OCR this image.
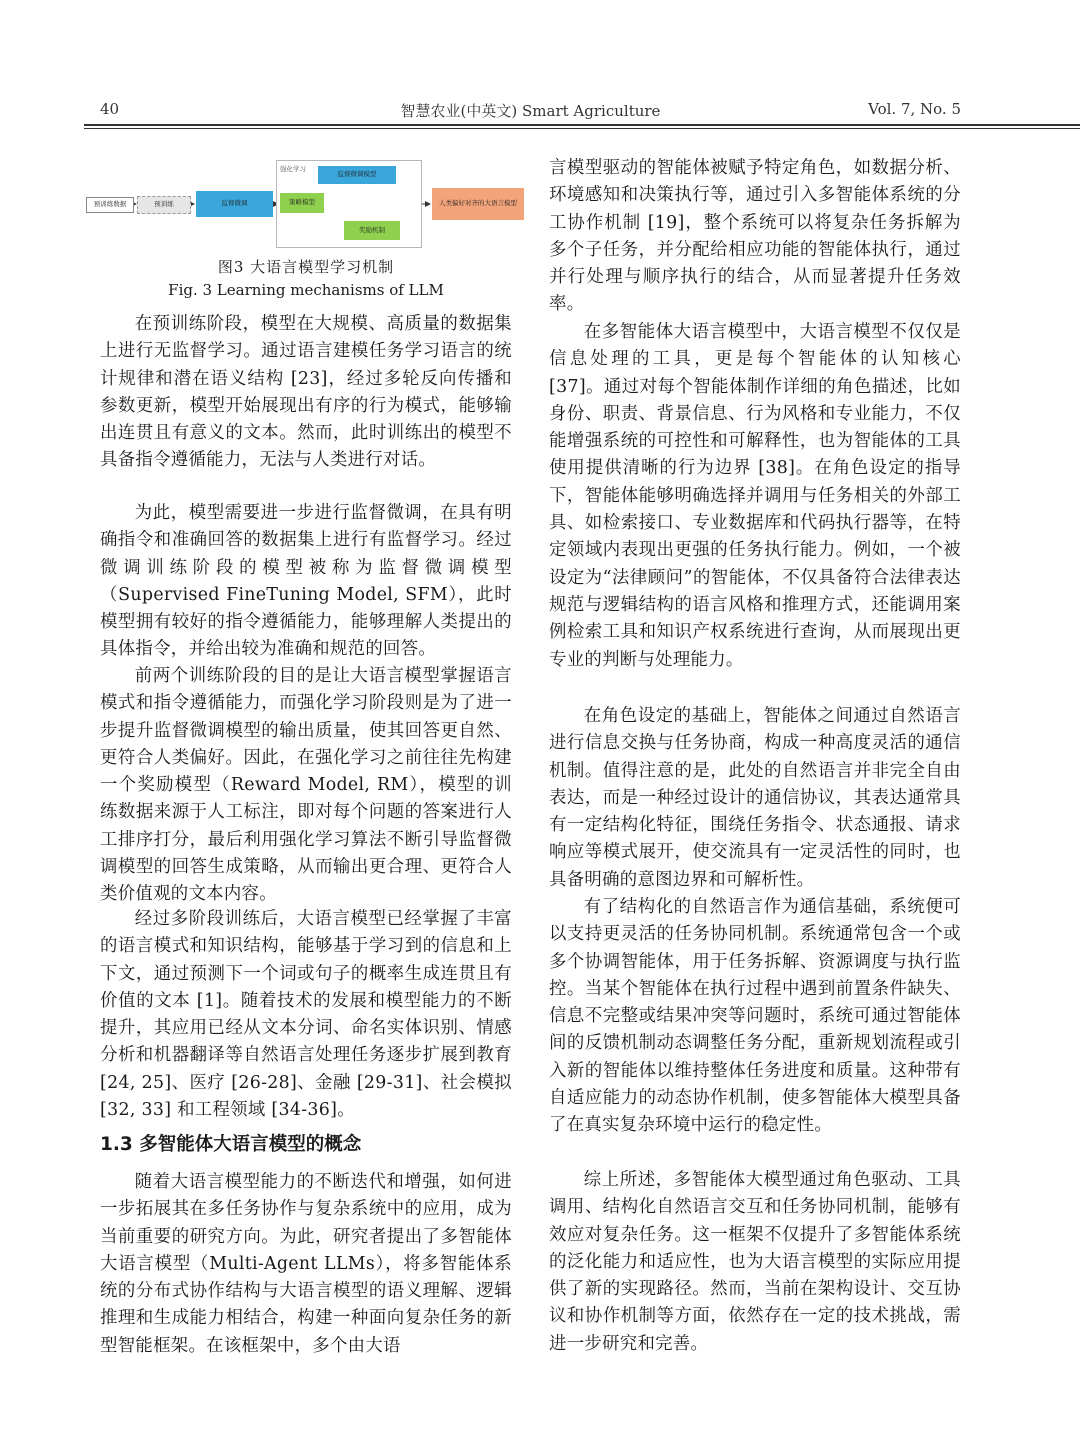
40	智慧农业(中英文) Smart Agriculture	Vol. 7, No. 5
预训练数据	预训练	监督微调
强化学习
监督微调模型
策略模型
奖励机制
人类偏好对齐的大语言模型
图3 大语言模型学习机制
Fig. 3 Learning mechanisms of LLM

在预训练阶段，模型在大规模、高质量的数据集上进行无监督学习。通过语言建模任务学习语言的统计规律和潜在语义结构 [23]，经过多轮反向传播和参数更新，模型开始展现出有序的行为模式，能够输出连贯且有意义的文本。然而，此时训练出的模型不具备指令遵循能力，无法与人类进行对话。

为此，模型需要进一步进行监督微调，在具有明确指令和准确回答的数据集上进行有监督学习。经过微调训练阶段的模型被称为监督微调模型（Supervised FineTuning Model, SFM），此时模型拥有较好的指令遵循能力，能够理解人类提出的具体指令，并给出较为准确和规范的回答。

前两个训练阶段的目的是让大语言模型掌握语言模式和指令遵循能力，而强化学习阶段则是为了进一步提升监督微调模型的输出质量，使其回答更自然、更符合人类偏好。因此，在强化学习之前往往先构建一个奖励模型（Reward Model, RM），模型的训练数据来源于人工标注，即对每个问题的答案进行人工排序打分，最后利用强化学习算法不断引导监督微调模型的回答生成策略，从而输出更合理、更符合人类价值观的文本内容。

经过多阶段训练后，大语言模型已经掌握了丰富的语言模式和知识结构，能够基于学习到的信息和上下文，通过预测下一个词或句子的概率生成连贯且有价值的文本 [1]。随着技术的发展和模型能力的不断提升，其应用已经从文本分词、命名实体识别、情感分析和机器翻译等自然语言处理任务逐步扩展到教育 [24, 25]、医疗 [26-28]、金融 [29-31]、社会模拟 [32, 33] 和工程领域 [34-36]。

1.3 多智能体大语言模型的概念

随着大语言模型能力的不断迭代和增强，如何进一步拓展其在多任务协作与复杂系统中的应用，成为当前重要的研究方向。为此，研究者提出了多智能体大语言模型（Multi-Agent LLMs），将多智能体系统的分布式协作结构与大语言模型的语义理解、逻辑推理和生成能力相结合，构建一种面向复杂任务的新型智能框架。在该框架中，多个由大语

言模型驱动的智能体被赋予特定角色，如数据分析、环境感知和决策执行等，通过引入多智能体系统的分工协作机制 [19]，整个系统可以将复杂任务拆解为多个子任务，并分配给相应功能的智能体执行，通过并行处理与顺序执行的结合，从而显著提升任务效率。

在多智能体大语言模型中，大语言模型不仅仅是信息处理的工具，更是每个智能体的认知核心 [37]。通过对每个智能体制作详细的角色描述，比如身份、职责、背景信息、行为风格和专业能力，不仅能增强系统的可控性和可解释性，也为智能体的工具使用提供清晰的行为边界 [38]。在角色设定的指导下，智能体能够明确选择并调用与任务相关的外部工具、如检索接口、专业数据库和代码执行器等，在特定领域内表现出更强的任务执行能力。例如，一个被设定为“法律顾问”的智能体，不仅具备符合法律表达规范与逻辑结构的语言风格和推理方式，还能调用案例检索工具和知识产权系统进行查询，从而展现出更专业的判断与处理能力。

在角色设定的基础上，智能体之间通过自然语言进行信息交换与任务协商，构成一种高度灵活的通信机制。值得注意的是，此处的自然语言并非完全自由表达，而是一种经过设计的通信协议，其表达通常具有一定结构化特征，围绕任务指令、状态通报、请求响应等模式展开，使交流具有一定灵活性的同时，也具备明确的意图边界和可解析性。

有了结构化的自然语言作为通信基础，系统便可以支持更灵活的任务协同机制。系统通常包含一个或多个协调智能体，用于任务拆解、资源调度与执行监控。当某个智能体在执行过程中遇到前置条件缺失、信息不完整或结果冲突等问题时，系统可通过智能体间的反馈机制动态调整任务分配，重新规划流程或引入新的智能体以维持整体任务进度和质量。这种带有自适应能力的动态协作机制，使多智能体大模型具备了在真实复杂环境中运行的稳定性。

综上所述，多智能体大模型通过角色驱动、工具调用、结构化自然语言交互和任务协同机制，能够有效应对复杂任务。这一框架不仅提升了多智能体系统的泛化能力和适应性，也为大语言模型的实际应用提供了新的实现路径。然而，当前在架构设计、交互协议和协作机制等方面，依然存在一定的技术挑战，需进一步研究和完善。
